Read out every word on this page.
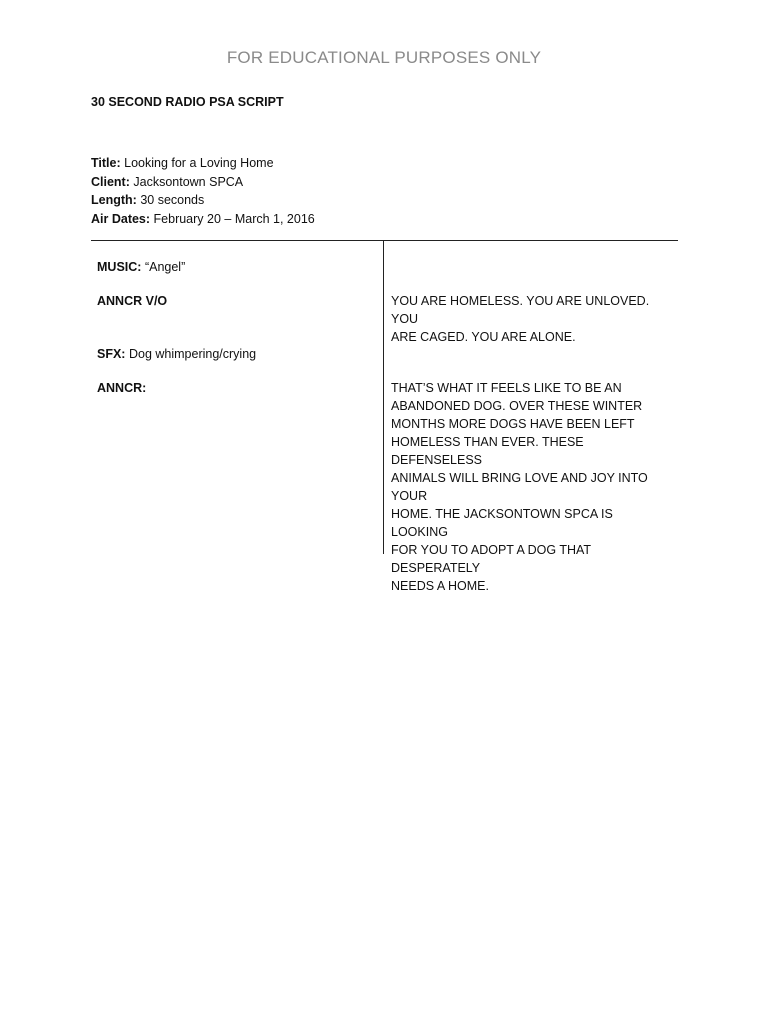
FOR EDUCATIONAL PURPOSES ONLY
30 SECOND RADIO PSA SCRIPT
Title: Looking for a Loving Home
Client: Jacksontown SPCA
Length: 30 seconds
Air Dates: February 20 – March 1, 2016
MUSIC: “Angel”
ANNCR V/O	YOU ARE HOMELESS. YOU ARE UNLOVED. YOU
ARE CAGED. YOU ARE ALONE.
SFX: Dog whimpering/crying
ANNCR:	THAT’S WHAT IT FEELS LIKE TO BE AN
ABANDONED DOG. OVER THESE WINTER
MONTHS MORE DOGS HAVE BEEN LEFT
HOMELESS THAN EVER. THESE DEFENSELESS
ANIMALS WILL BRING LOVE AND JOY INTO YOUR
HOME. THE JACKSONTOWN SPCA IS LOOKING
FOR YOU TO ADOPT A DOG THAT DESPERATELY
NEEDS A HOME.
